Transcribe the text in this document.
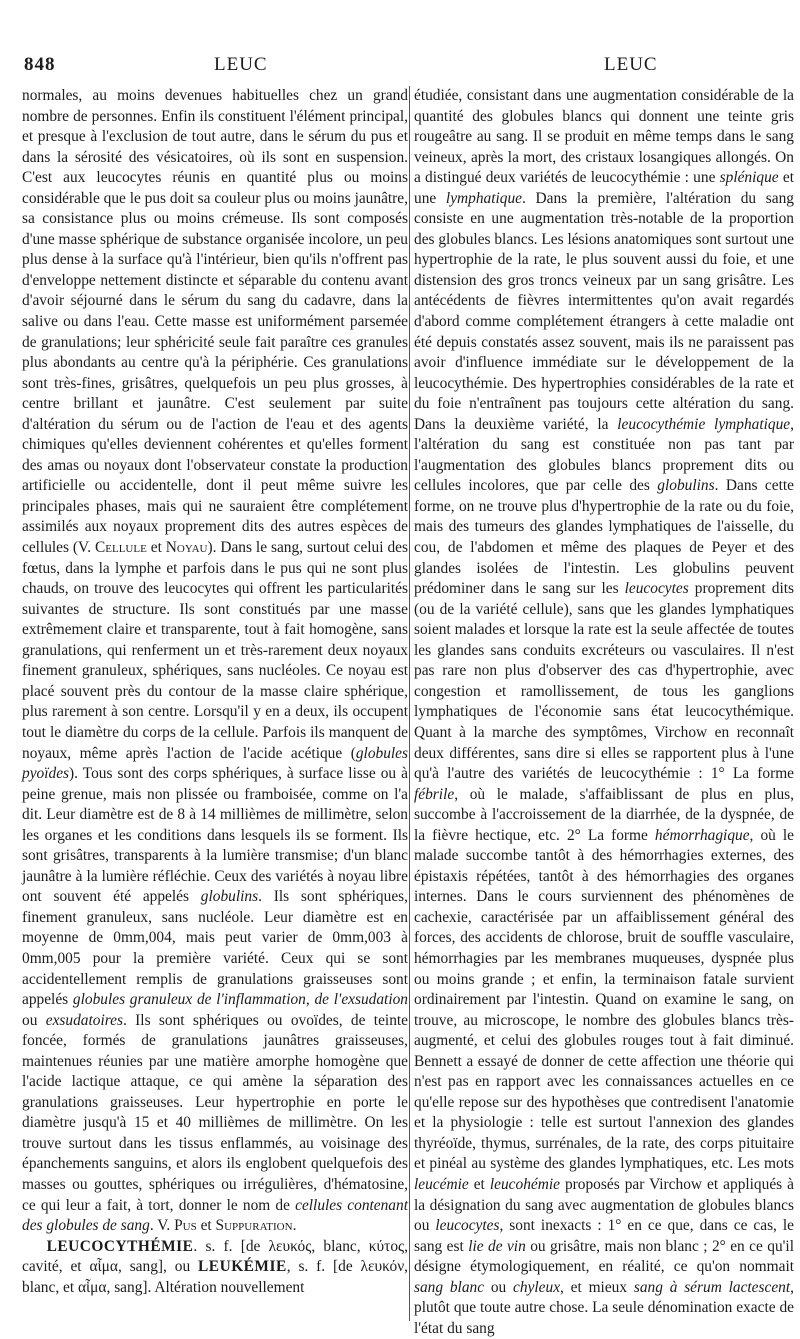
848	LEUC	LEUC

normales, au moins devenues habituelles chez un grand nombre de personnes. Enfin ils constituent l'élément principal, et presque à l'exclusion de tout autre, dans le sérum du pus et dans la sérosité des vésicatoires, où ils sont en suspension. C'est aux leucocytes réunis en quantité plus ou moins considérable que le pus doit sa couleur plus ou moins jaunâtre, sa consistance plus ou moins crémeuse. Ils sont composés d'une masse sphérique de substance organisée incolore, un peu plus dense à la surface qu'à l'intérieur, bien qu'ils n'offrent pas d'enveloppe nettement distincte et séparable du contenu avant d'avoir séjourné dans le sérum du sang du cadavre, dans la salive ou dans l'eau. Cette masse est uniformément parsemée de granulations; leur sphéricité seule fait paraître ces granules plus abondants au centre qu'à la périphérie. Ces granulations sont très-fines, grisâtres, quelquefois un peu plus grosses, à centre brillant et jaunâtre. C'est seulement par suite d'altération du sérum ou de l'action de l'eau et des agents chimiques qu'elles deviennent cohérentes et qu'elles forment des amas ou noyaux dont l'observateur constate la production artificielle ou accidentelle, dont il peut même suivre les principales phases, mais qui ne sauraient être complétement assimilés aux noyaux proprement dits des autres espèces de cellules (V. Cellule et Noyau). Dans le sang, surtout celui des fœtus, dans la lymphe et parfois dans le pus qui ne sont plus chauds, on trouve des leucocytes qui offrent les particularités suivantes de structure. Ils sont constitués par une masse extrêmement claire et transparente, tout à fait homogène, sans granulations, qui renferment un et très-rarement deux noyaux finement granuleux, sphériques, sans nucléoles. Ce noyau est placé souvent près du contour de la masse claire sphérique, plus rarement à son centre. Lorsqu'il y en a deux, ils occupent tout le diamètre du corps de la cellule. Parfois ils manquent de noyaux, même après l'action de l'acide acétique (globules pyoïdes). Tous sont des corps sphériques, à surface lisse ou à peine grenue, mais non plissée ou framboisée, comme on l'a dit. Leur diamètre est de 8 à 14 millièmes de millimètre, selon les organes et les conditions dans lesquels ils se forment. Ils sont grisâtres, transparents à la lumière transmise; d'un blanc jaunâtre à la lumière réfléchie. Ceux des variétés à noyau libre ont souvent été appelés globulins. Ils sont sphériques, finement granuleux, sans nucléole. Leur diamètre est en moyenne de 0mm,004, mais peut varier de 0mm,003 à 0mm,005 pour la première variété. Ceux qui se sont accidentellement remplis de granulations graisseuses sont appelés globules granuleux de l'inflammation, de l'exsudation ou exsudatoires. Ils sont sphériques ou ovoïdes, de teinte foncée, formés de granulations jaunâtres graisseuses, maintenues réunies par une matière amorphe homogène que l'acide lactique attaque, ce qui amène la séparation des granulations graisseuses. Leur hypertrophie en porte le diamètre jusqu'à 15 et 40 millièmes de millimètre. On les trouve surtout dans les tissus enflammés, au voisinage des épanchements sanguins, et alors ils englobent quelquefois des masses ou gouttes, sphériques ou irrégulières, d'hématosine, ce qui leur a fait, à tort, donner le nom de cellules contenant des globules de sang. V. Pus et Suppuration.

LEUCOCYTHÉMIE. s. f. [de λευκός, blanc, κύτος, cavité, et αἷμα, sang], ou LEUKÉMIE, s. f. [de λευκόν, blanc, et αἷμα, sang]. Altération nouvellement

étudiée, consistant dans une augmentation considérable de la quantité des globules blancs qui donnent une teinte gris rougeâtre au sang. Il se produit en même temps dans le sang veineux, après la mort, des cristaux losangiques allongés. On a distingué deux variétés de leucocythémie : une splénique et une lymphatique. Dans la première, l'altération du sang consiste en une augmentation très-notable de la proportion des globules blancs. Les lésions anatomiques sont surtout une hypertrophie de la rate, le plus souvent aussi du foie, et une distension des gros troncs veineux par un sang grisâtre. Les antécédents de fièvres intermittentes qu'on avait regardés d'abord comme complétement étrangers à cette maladie ont été depuis constatés assez souvent, mais ils ne paraissent pas avoir d'influence immédiate sur le développement de la leucocythémie. Des hypertrophies considérables de la rate et du foie n'entraînent pas toujours cette altération du sang. Dans la deuxième variété, la leucocythémie lymphatique, l'altération du sang est constituée non pas tant par l'augmentation des globules blancs proprement dits ou cellules incolores, que par celle des globulins. Dans cette forme, on ne trouve plus d'hypertrophie de la rate ou du foie, mais des tumeurs des glandes lymphatiques de l'aisselle, du cou, de l'abdomen et même des plaques de Peyer et des glandes isolées de l'intestin. Les globulins peuvent prédominer dans le sang sur les leucocytes proprement dits (ou de la variété cellule), sans que les glandes lymphatiques soient malades et lorsque la rate est la seule affectée de toutes les glandes sans conduits excréteurs ou vasculaires. Il n'est pas rare non plus d'observer des cas d'hypertrophie, avec congestion et ramollissement, de tous les ganglions lymphatiques de l'économie sans état leucocythémique. Quant à la marche des symptômes, Virchow en reconnaît deux différentes, sans dire si elles se rapportent plus à l'une qu'à l'autre des variétés de leucocythémie : 1° La forme fébrile, où le malade, s'affaiblissant de plus en plus, succombe à l'accroissement de la diarrhée, de la dyspnée, de la fièvre hectique, etc. 2° La forme hémorrhagique, où le malade succombe tantôt à des hémorrhagies externes, des épistaxis répétées, tantôt à des hémorrhagies des organes internes. Dans le cours surviennent des phénomènes de cachexie, caractérisée par un affaiblissement général des forces, des accidents de chlorose, bruit de souffle vasculaire, hémorrhagies par les membranes muqueuses, dyspnée plus ou moins grande ; et enfin, la terminaison fatale survient ordinairement par l'intestin. Quand on examine le sang, on trouve, au microscope, le nombre des globules blancs très-augmenté, et celui des globules rouges tout à fait diminué. Bennett a essayé de donner de cette affection une théorie qui n'est pas en rapport avec les connaissances actuelles en ce qu'elle repose sur des hypothèses que contredisent l'anatomie et la physiologie : telle est surtout l'annexion des glandes thyréoïde, thymus, surrénales, de la rate, des corps pituitaire et pinéal au système des glandes lymphatiques, etc. Les mots leucémie et leucohémie proposés par Virchow et appliqués à la désignation du sang avec augmentation de globules blancs ou leucocytes, sont inexacts : 1° en ce que, dans ce cas, le sang est lie de vin ou grisâtre, mais non blanc ; 2° en ce qu'il désigne étymologiquement, en réalité, ce qu'on nommait sang blanc ou chyleux, et mieux sang à sérum lactescent, plutôt que toute autre chose. La seule dénomination exacte de l'état du sang
